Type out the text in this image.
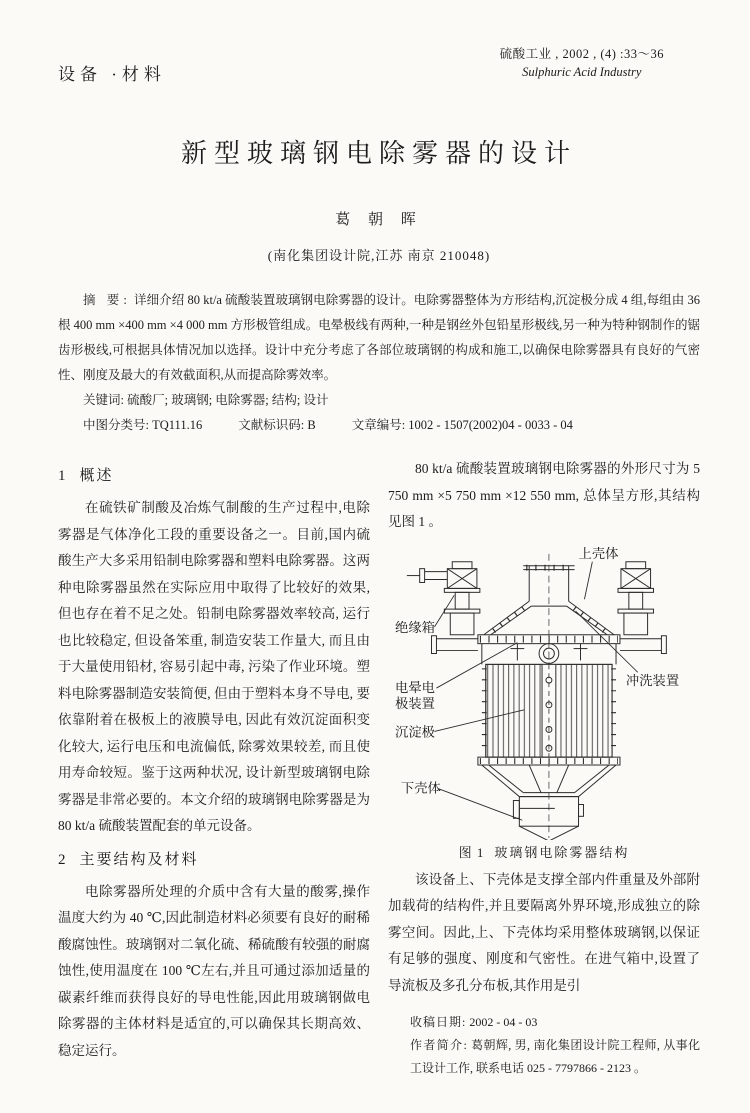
设备 ·材料
硫酸工业 , 2002 , (4) :33～36
Sulphuric Acid Industry
新型玻璃钢电除雾器的设计
葛 朝 晖
(南化集团设计院,江苏 南京 210048)

摘 要: 详细介绍 80 kt/a 硫酸装置玻璃钢电除雾器的设计。电除雾器整体为方形结构,沉淀极分成 4 组,每组由 36 根 400 mm ×400 mm ×4 000 mm 方形极管组成。电晕极线有两种,一种是钢丝外包铅星形极线,另一种为特种钢制作的锯齿形极线,可根据具体情况加以选择。设计中充分考虑了各部位玻璃钢的构成和施工,以确保电除雾器具有良好的气密性、刚度及最大的有效截面积,从而提高除雾效率。

关键词: 硫酸厂; 玻璃钢; 电除雾器; 结构; 设计

中图分类号: TQ111.16	文献标识码: B	文章编号: 1002 - 1507(2002)04 - 0033 - 04

1 概述

在硫铁矿制酸及冶炼气制酸的生产过程中,电除雾器是气体净化工段的重要设备之一。目前,国内硫酸生产大多采用铅制电除雾器和塑料电除雾器。这两种电除雾器虽然在实际应用中取得了比较好的效果, 但也存在着不足之处。铅制电除雾器效率较高, 运行也比较稳定, 但设备笨重, 制造安装工作量大, 而且由于大量使用铅材, 容易引起中毒, 污染了作业环境。塑料电除雾器制造安装简便, 但由于塑料本身不导电, 要依靠附着在极板上的液膜导电, 因此有效沉淀面积变化较大, 运行电压和电流偏低, 除雾效果较差, 而且使用寿命较短。鉴于这两种状况, 设计新型玻璃钢电除雾器是非常必要的。本文介绍的玻璃钢电除雾器是为 80 kt/a 硫酸装置配套的单元设备。

2 主要结构及材料

电除雾器所处理的介质中含有大量的酸雾,操作温度大约为 40 ℃,因此制造材料必须要有良好的耐稀酸腐蚀性。玻璃钢对二氧化硫、稀硫酸有较强的耐腐蚀性,使用温度在 100 ℃左右,并且可通过添加适量的碳素纤维而获得良好的导电性能,因此用玻璃钢做电除雾器的主体材料是适宜的,可以确保其长期高效、稳定运行。

80 kt/a 硫酸装置玻璃钢电除雾器的外形尺寸为 5 750 mm ×5 750 mm ×12 550 mm, 总体呈方形,其结构见图 1 。

上壳体
绝缘箱
电晕电
极装置
沉淀极
冲洗装置
下壳体
图 1 玻璃钢电除雾器结构

该设备上、下壳体是支撑全部内件重量及外部附加载荷的结构件,并且要隔离外界环境,形成独立的除雾空间。因此,上、下壳体均采用整体玻璃钢,以保证有足够的强度、刚度和气密性。在进气箱中,设置了导流板及多孔分布板,其作用是引

收稿日期: 2002 - 04 - 03

作者简介: 葛朝辉, 男, 南化集团设计院工程师, 从事化工设计工作, 联系电话 025 - 7797866 - 2123 。
